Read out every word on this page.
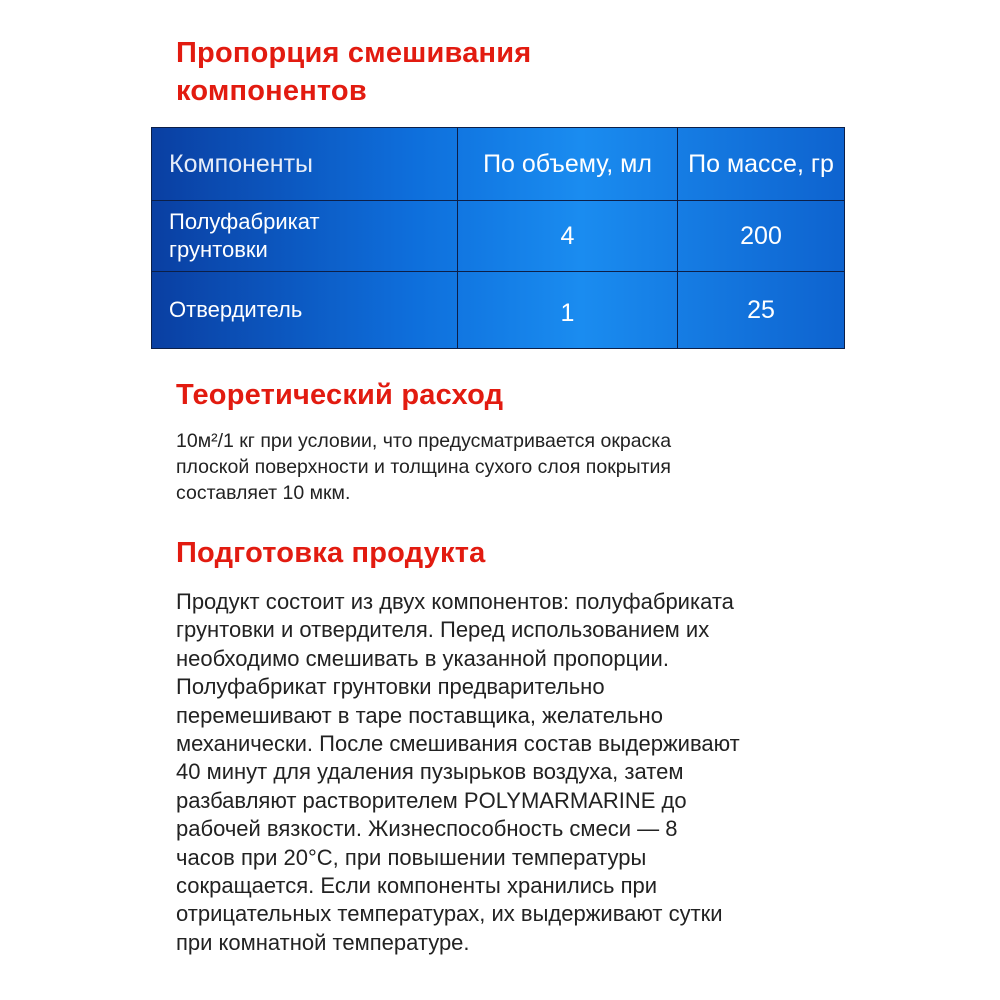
Пропорция смешивания
компонентов
Компоненты	По объему, мл	По массе, гр
Полуфабрикат
грунтовки	4	200
Отвердитель	1	25
Теоретический расход

10м²/1 кг при условии, что предусматривается окраска
плоской поверхности и толщина сухого слоя покрытия
составляет 10 мкм.

Подготовка продукта

Продукт состоит из двух компонентов: полуфабриката
грунтовки и отвердителя. Перед использованием их
необходимо смешивать в указанной пропорции.
Полуфабрикат грунтовки предварительно
перемешивают в таре поставщика, желательно
механически. После смешивания состав выдерживают
40 минут для удаления пузырьков воздуха, затем
разбавляют растворителем POLYMARMARINE до
рабочей вязкости. Жизнеспособность смеси — 8
часов при 20°С, при повышении температуры
сокращается. Если компоненты хранились при
отрицательных температурах, их выдерживают сутки
при комнатной температуре.
